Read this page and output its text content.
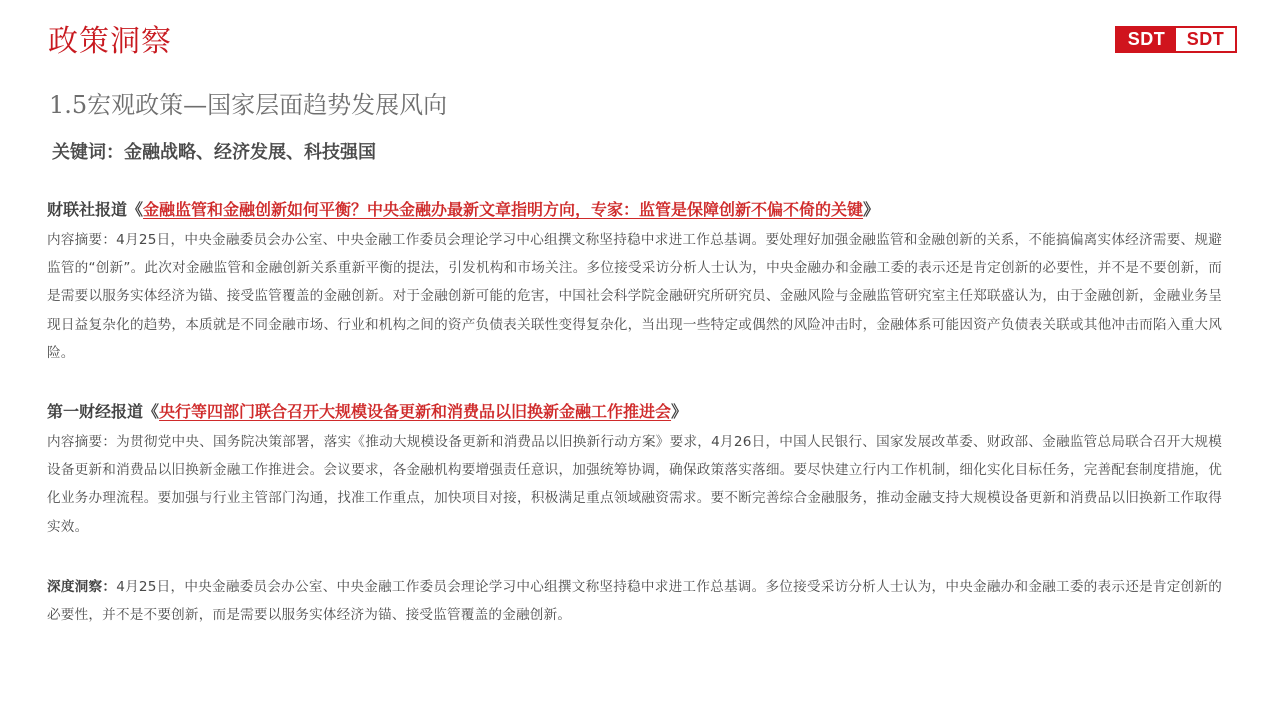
政策洞察	SDT	SDT
1.5宏观政策—国家层面趋势发展风向
关键词：金融战略、经济发展、科技强国
财联社报道《金融监管和金融创新如何平衡？中央金融办最新文章指明方向，专家：监管是保障创新不偏不倚的关键》
内容摘要：4月25日，中央金融委员会办公室、中央金融工作委员会理论学习中心组撰文称坚持稳中求进工作总基调。要处理好加强金融监管和金融创新的关系，不能搞偏离实体经济需要、规避监管的“创新”。此次对金融监管和金融创新关系重新平衡的提法，引发机构和市场关注。多位接受采访分析人士认为，中央金融办和金融工委的表示还是肯定创新的必要性，并不是不要创新，而是需要以服务实体经济为锚、接受监管覆盖的金融创新。对于金融创新可能的危害，中国社会科学院金融研究所研究员、金融风险与金融监管研究室主任郑联盛认为，由于金融创新，金融业务呈现日益复杂化的趋势，本质就是不同金融市场、行业和机构之间的资产负债表关联性变得复杂化，当出现一些特定或偶然的风险冲击时，金融体系可能因资产负债表关联或其他冲击而陷入重大风险。
第一财经报道《央行等四部门联合召开大规模设备更新和消费品以旧换新金融工作推进会》
内容摘要：为贯彻党中央、国务院决策部署，落实《推动大规模设备更新和消费品以旧换新行动方案》要求，4月26日，中国人民银行、国家发展改革委、财政部、金融监管总局联合召开大规模设备更新和消费品以旧换新金融工作推进会。会议要求，各金融机构要增强责任意识，加强统筹协调，确保政策落实落细。要尽快建立行内工作机制，细化实化目标任务，完善配套制度措施，优化业务办理流程。要加强与行业主管部门沟通，找准工作重点，加快项目对接，积极满足重点领域融资需求。要不断完善综合金融服务，推动金融支持大规模设备更新和消费品以旧换新工作取得实效。
深度洞察：4月25日，中央金融委员会办公室、中央金融工作委员会理论学习中心组撰文称坚持稳中求进工作总基调。多位接受采访分析人士认为，中央金融办和金融工委的表示还是肯定创新的必要性，并不是不要创新，而是需要以服务实体经济为锚、接受监管覆盖的金融创新。
